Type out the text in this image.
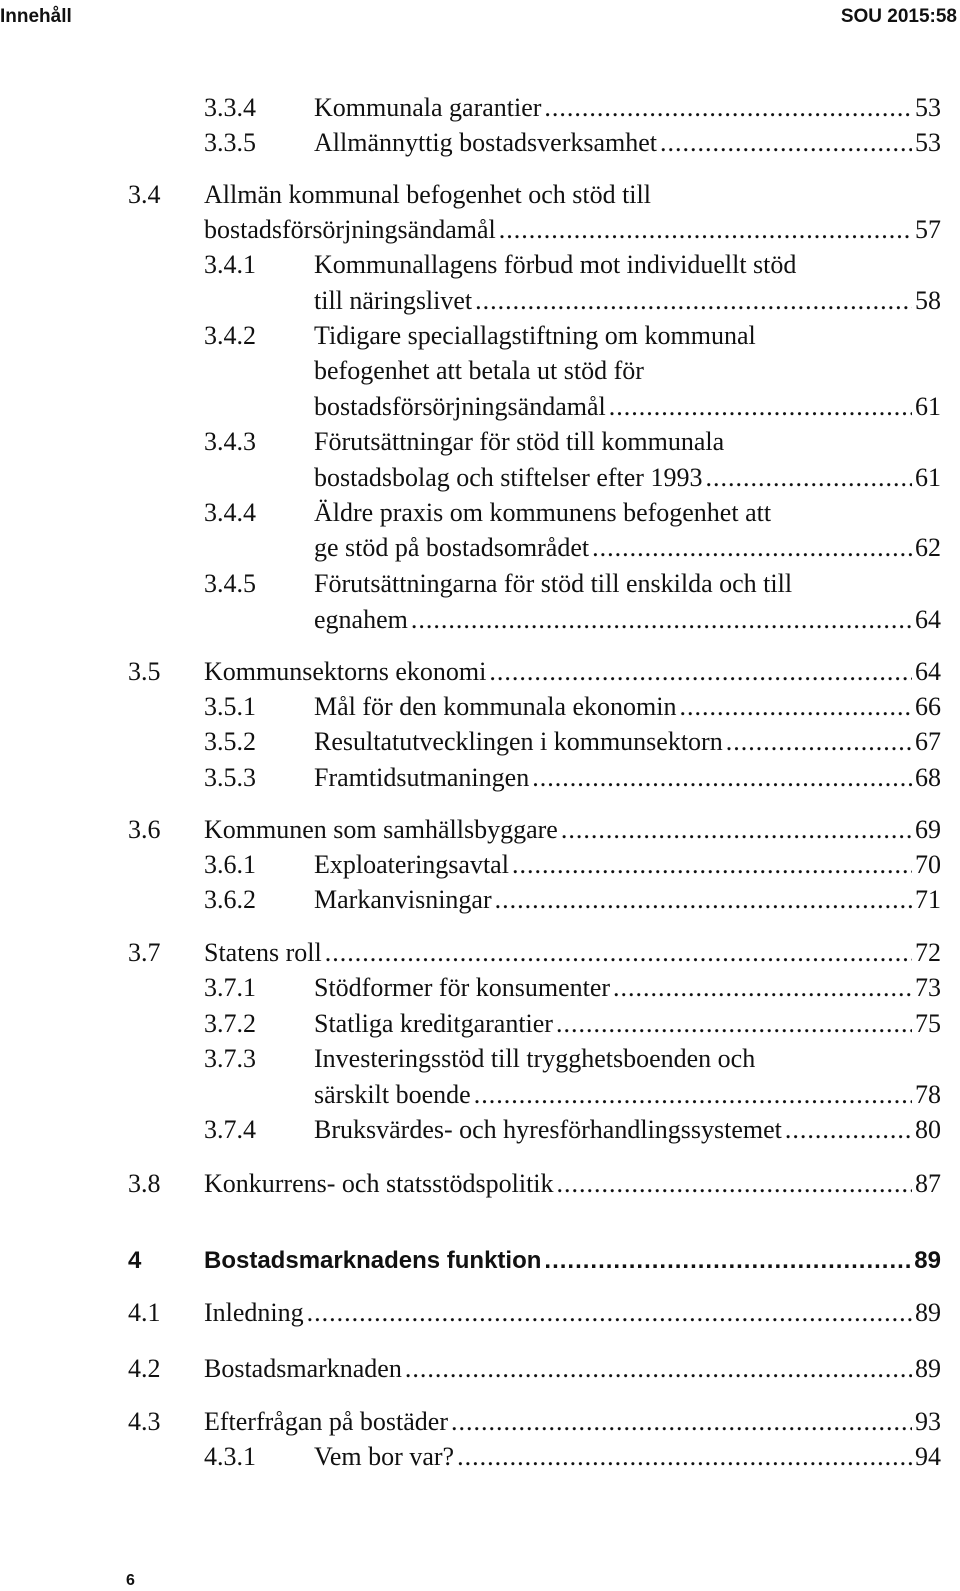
Innehåll	SOU 2015:58
3.3.4 Kommunala garantier .....	53
3.3.5 Allmännyttig bostadsverksamhet .....	53
3.4 Allmän kommunal befogenhet och stöd till
bostadsförsörjningsändamål .....	57
3.4.1 Kommunallagens förbud mot individuellt stöd
till näringslivet .....	58
3.4.2 Tidigare speciallagstiftning om kommunal
befogenhet att betala ut stöd för
bostadsförsörjningsändamål .....	61
3.4.3 Förutsättningar för stöd till kommunala
bostadsbolag och stiftelser efter 1993 .....	61
3.4.4 Äldre praxis om kommunens befogenhet att
ge stöd på bostadsområdet .....	62
3.4.5 Förutsättningarna för stöd till enskilda och till
egnahem .....	64
3.5 Kommunsektorns ekonomi .....	64
3.5.1 Mål för den kommunala ekonomin .....	66
3.5.2 Resultatutvecklingen i kommunsektorn .....	67
3.5.3 Framtidsutmaningen .....	68
3.6 Kommunen som samhällsbyggare .....	69
3.6.1 Exploateringsavtal .....	70
3.6.2 Markanvisningar .....	71
3.7 Statens roll .....	72
3.7.1 Stödformer för konsumenter .....	73
3.7.2 Statliga kreditgarantier .....	75
3.7.3 Investeringsstöd till trygghetsboenden och
särskilt boende .....	78
3.7.4 Bruksvärdes- och hyresförhandlingssystemet .....	80
3.8 Konkurrens- och statsstödspolitik .....	87
4	Bostadsmarknadens funktion .....	89
4.1 Inledning .....	89
4.2 Bostadsmarknaden .....	89
4.3 Efterfrågan på bostäder .....	93
4.3.1 Vem bor var? .....	94
6
